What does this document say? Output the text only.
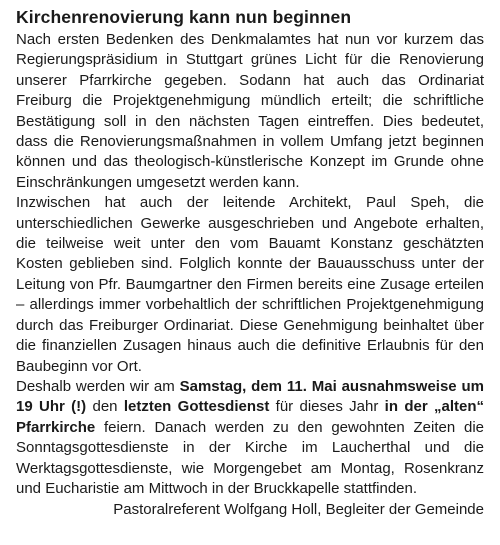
Kirchenrenovierung kann nun beginnen

Nach ersten Bedenken des Denkmalamtes hat nun vor kurzem das Regierungspräsidium in Stuttgart grünes Licht für die Renovierung unserer Pfarrkirche gegeben. Sodann hat auch das Ordinariat Freiburg die Projektgenehmigung mündlich erteilt; die schriftliche Bestätigung soll in den nächsten Tagen eintreffen. Dies bedeutet, dass die Renovierungsmaßnahmen in vollem Umfang jetzt beginnen können und das theologisch-künstlerische Konzept im Grunde ohne Einschränkungen umgesetzt werden kann.

Inzwischen hat auch der leitende Architekt, Paul Speh, die unterschiedlichen Gewerke ausgeschrieben und Angebote erhalten, die teilweise weit unter den vom Bauamt Konstanz geschätzten Kosten geblieben sind. Folglich konnte der Bauausschuss unter der Leitung von Pfr. Baumgartner den Firmen bereits eine Zusage erteilen – allerdings immer vorbehaltlich der schriftlichen Projektgenehmigung durch das Freiburger Ordinariat. Diese Genehmigung beinhaltet über die finanziellen Zusagen hinaus auch die definitive Erlaubnis für den Baubeginn vor Ort.

Deshalb werden wir am Samstag, dem 11. Mai ausnahmsweise um 19 Uhr (!) den letzten Gottesdienst für dieses Jahr in der „alten“ Pfarrkirche feiern. Danach werden zu den gewohnten Zeiten die Sonntagsgottesdienste in der Kirche im Laucherthal und die Werktagsgottesdienste, wie Morgengebet am Montag, Rosenkranz und Eucharistie am Mittwoch in der Bruckkapelle stattfinden.

Pastoralreferent Wolfgang Holl, Begleiter der Gemeinde
